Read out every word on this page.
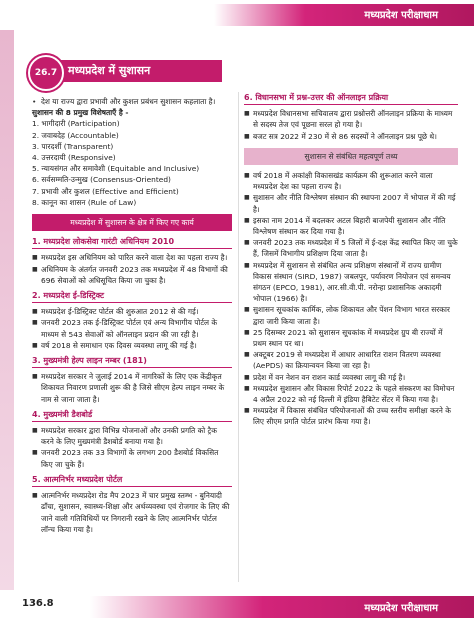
मध्यप्रदेश परीक्षाधाम
मध्यप्रदेश में सुशासन
26.7

• देश या राज्य द्वारा प्रभावी और कुशल प्रबंधन सुशासन कहलाता है।

सुशासन की 8 प्रमुख विशेषताएँ है -

1. भागीदारी (Participation)

2. जवाबदेह (Accountable)

3. पारदर्शी (Transparent)

4. उत्तरदायी (Responsive)

5. न्यायसंगत और समावेशी (Equitable and Inclusive)

6. सर्वसम्मति-उन्मुख (Consensus-Oriented)

7. प्रभावी और कुशल (Effective and Efficient)

8. कानून का शासन (Rule of Law)

मध्यप्रदेश में सुशासन के क्षेत्र में किए गए कार्य
1. मध्यप्रदेश लोकसेवा गारंटी अधिनियम 2010

■ मध्यप्रदेश इस अधिनियम को पारित करने वाला देश का पहला राज्य है।

■ अधिनियम के अंतर्गत जनवरी 2023 तक मध्यप्रदेश में 48 विभागों की 696 सेवाओं को अधिसूचित किया जा चुका है।

2. मध्यप्रदेश ई-डिस्ट्रिक्ट

■ मध्यप्रदेश ई-डिस्ट्रिक्ट पोर्टल की शुरुआत 2012 से की गई।

■ जनवरी 2023 तक ई-डिस्ट्रिक्ट पोर्टल एवं अन्य विभागीय पोर्टल के माध्यम से 543 सेवाओं को ऑनलाइन प्रदान की जा रही है।

■ वर्ष 2018 से समाधान एक दिवस व्यवस्था लागू की गई है।

3. मुख्यमंत्री हेल्प लाइन नम्बर (181)

■ मध्यप्रदेश सरकार ने जुलाई 2014 में नागरिकों के लिए एक केंद्रीकृत शिकायत निवारण प्रणाली शुरू की है जिसे सीएम हेल्प लाइन नम्बर के नाम से जाना जाता है।

4. मुख्यमंत्री डैशबोर्ड

■ मध्यप्रदेश सरकार द्वारा विभिन्न योजनाओं और उनकी प्रगति को ट्रैक करने के लिए मुख्यमंत्री डैशबोर्ड बनाया गया है।

■ जनवरी 2023 तक 33 विभागों के लगभग 200 डैशबोर्ड विकसित किए जा चुके हैं।

5. आत्मनिर्भर मध्यप्रदेश पोर्टल

■ आत्मनिर्भर मध्यप्रदेश रोड मैप 2023 में चार प्रमुख स्तम्भ - बुनियादी ढाँचा, सुशासन, स्वास्थ्य-शिक्षा और अर्थव्यवस्था एवं रोजगार के लिए की जाने वाली गतिविधियों पर निगरानी रखने के लिए आत्मनिर्भर पोर्टल लॉन्च किया गया है।

6. विधानसभा में प्रश्न-उत्तर की ऑनलाइन प्रक्रिया

■ मध्यप्रदेश विधानसभा सचिवालय द्वारा प्रश्नोत्तरी ऑनलाइन प्रक्रिया के माध्यम से सदस्य तेज एवं पूछना सरल हो गया है।

■ बजट सत्र 2022 में 230 में से 86 सदस्यों ने ऑनलाइन प्रश्न पूछे थे।

सुशासन से संबंधित महत्वपूर्ण तथ्य

■ वर्ष 2018 में अकांक्षी विकासखंड कार्यक्रम की शुरूआत करने वाला मध्यप्रदेश देश का पहला राज्य है।

■ सुशासन और नीति विश्लेषण संस्थान की स्थापना 2007 में भोपाल में की गई है।

■ इसका नाम 2014 में बदलकर अटल बिहारी बाजपेयी सुशासन और नीति विश्लेषण संस्थान कर दिया गया है।

■ जनवरी 2023 तक मध्यप्रदेश में 5 जिलों में ई-दक्ष केंद्र स्थापित किए जा चुके हैं, जिसमें विभागीय प्रशिक्षण दिया जाता है।

■ मध्यप्रदेश में सुशासन से संबंधित अन्य प्रशिक्षण संस्थानों में राज्य ग्रामीण विकास संस्थान (SIRD, 1987) जबलपुर, पर्यावरण नियोजन एवं समन्वय संगठन (EPCO, 1981), आर.सी.वी.पी. नरोन्हा प्रशासनिक अकादमी भोपाल (1966) है।

■ सुशासन सूचकांक कार्मिक, लोक शिकायत और पेंशन विभाग भारत सरकार द्वारा जारी किया जाता है।

■ 25 दिसम्बर 2021 को सुशासन सूचकांक में मध्यप्रदेश ग्रुप बी राज्यों में प्रथम स्थान पर था।

■ अक्टूबर 2019 से मध्यप्रदेश में आधार आधारित राशन वितरण व्यवस्था (AePDS) का क्रियान्वयन किया जा रहा है।

■ प्रदेश में वन नेशन वन राशन कार्ड व्यवस्था लागू की गई है।

■ मध्यप्रदेश सुशासन और विकास रिपोर्ट 2022 के पहले संस्करण का विमोचन 4 अप्रैल 2022 को नई दिल्ली में इंडिया हैबिटेट सेंटर में किया गया है।

■ मध्यप्रदेश में विकास संबंधित परियोजनाओं की उच्च स्तरीय समीक्षा करने के लिए सीएम प्रगति पोर्टल प्रारंभ किया गया है।

मध्यप्रदेश परीक्षाधाम
136.8
